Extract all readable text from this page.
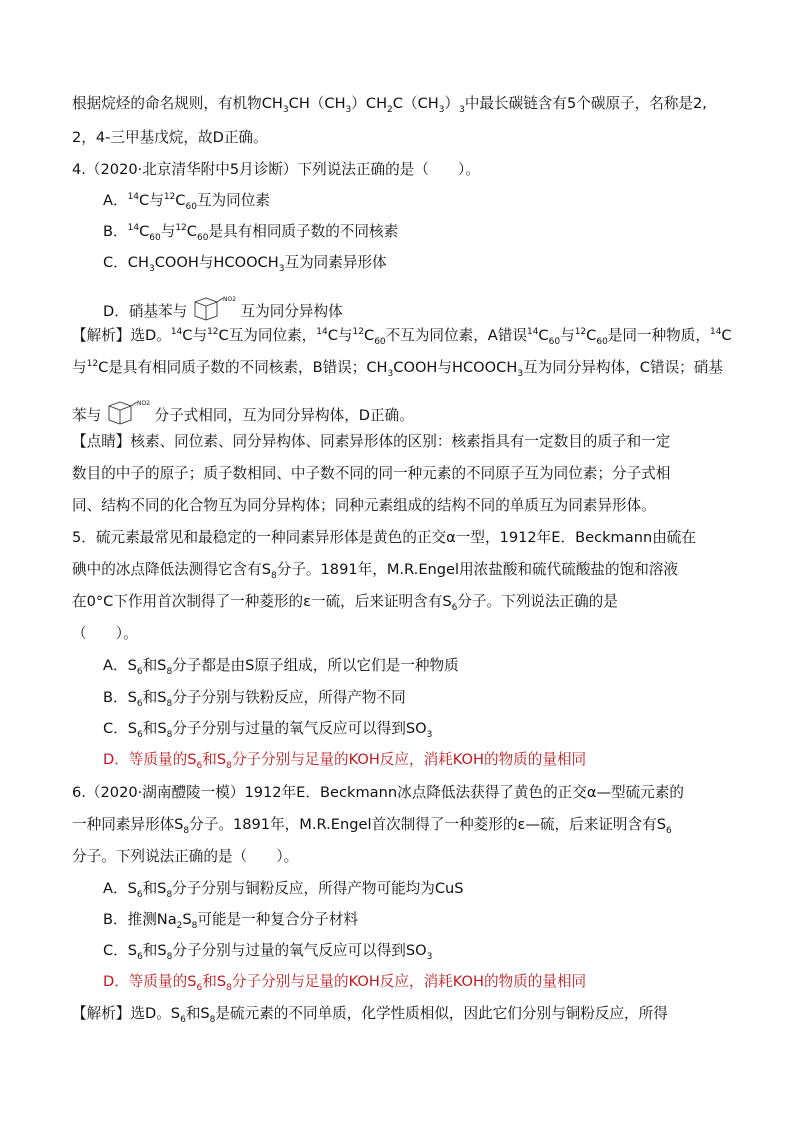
根据烷烃的命名规则，有机物$CH_3CH(CH_3)CH_2C(CH_3)_3$中最长碳链含有5个碳原子，名称是2,
2，4-三甲基戊烷，故D正确。
4.（2020·北京清华附中5月诊断）下列说法正确的是（　　）。
A．$^{14}$C与$^{12}C_{60}$互为同位素
B．$^{14}C_{60}$与$^{12}C_{60}$是具有相同质子数的不同核素
C．$CH_3COOH$与$HCOOCH_3$互为同素异形体
D．硝基苯与
NO2
互为同分异构体
【解析】选D。$^{14}$C与$^{12}$C互为同位素，$^{14}$C与$^{12}C_{60}$不互为同位素，A错误$^{14}C_{60}$与$^{12}C_{60}$是同一种物质，$^{14}$C
与$^{12}$C是具有相同质子数的不同核素，B错误；$CH_3COOH$与$HCOOCH_3$互为同分异构体，C错误；硝基
苯与
NO2
分子式相同，互为同分异构体，D正确。
【点睛】核素、同位素、同分异构体、同素异形体的区别：核素指具有一定数目的质子和一定
数目的中子的原子；质子数相同、中子数不同的同一种元素的不同原子互为同位素；分子式相
同、结构不同的化合物互为同分异构体；同种元素组成的结构不同的单质互为同素异形体。
5．硫元素最常见和最稳定的一种同素异形体是黄色的正交α一型，1912年E．Beckmann由硫在
碘中的冰点降低法测得它含有$S_8$分子。1891年，M.R.Engel用浓盐酸和硫代硫酸盐的饱和溶液
在0°C下作用首次制得了一种菱形的ε一硫，后来证明含有$S_6$分子。下列说法正确的是
（　　）。
A．$S_6$和$S_8$分子都是由S原子组成，所以它们是一种物质
B．$S_6$和$S_8$分子分别与铁粉反应，所得产物不同
C．$S_6$和$S_8$分子分别与过量的氧气反应可以得到$SO_3$
D．等质量的$S_6$和$S_8$分子分别与足量的KOH反应，消耗KOH的物质的量相同
6.（2020·湖南醴陵一模）1912年E．Beckmann冰点降低法获得了黄色的正交α—型硫元素的
一种同素异形体$S_8$分子。1891年，M.R.Engel首次制得了一种菱形的ε—硫，后来证明含有$S_6$
分子。下列说法正确的是（　　）。
A．$S_6$和$S_8$分子分别与铜粉反应，所得产物可能均为CuS
B．推测$Na_2S_8$可能是一种复合分子材料
C．$S_6$和$S_8$分子分别与过量的氧气反应可以得到$SO_3$
D．等质量的$S_6$和$S_8$分子分别与足量的KOH反应，消耗KOH的物质的量相同
【解析】选D。$S_6$和$S_8$是硫元素的不同单质，化学性质相似，因此它们分别与铜粉反应，所得
